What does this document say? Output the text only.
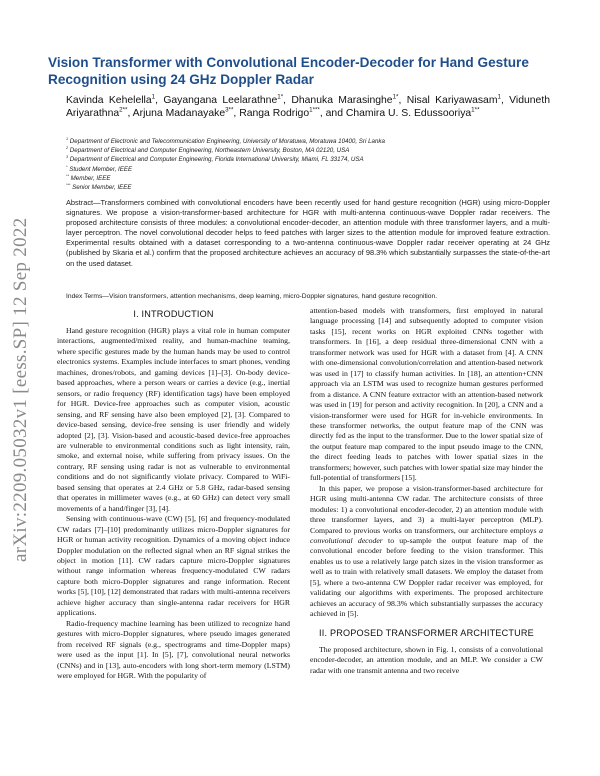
arXiv:2209.05032v1 [eess.SP] 12 Sep 2022
Vision Transformer with Convolutional Encoder-Decoder for Hand Gesture Recognition using 24 GHz Doppler Radar
Kavinda Kehelella$^1$, Gayangana Leelarathne$^{1*}$, Dhanuka Marasinghe$^{1*}$, Nisal Kariyawasam$^1$, Viduneth Ariyarathna$^{2**}$, Arjuna Madanayake$^{3**}$, Ranga Rodrigo$^{1***}$, and Chamira U. S. Edussooriya$^{1**}$
$^1$ Department of Electronic and Telecommunication Engineering, University of Moratuwa, Moratuwa 10400, Sri Lanka
$^2$ Department of Electrical and Computer Engineering, Northeastern University, Boston, MA 02120, USA
$^3$ Department of Electrical and Computer Engineering, Florida International University, Miami, FL 33174, USA
* Student Member, IEEE
** Member, IEEE
*** Senior Member, IEEE
Abstract—Transformers combined with convolutional encoders have been recently used for hand gesture recognition (HGR) using micro-Doppler signatures. We propose a vision-transformer-based architecture for HGR with multi-antenna continuous-wave Doppler radar receivers. The proposed architecture consists of three modules: a convolutional encoder-decoder, an attention module with three transformer layers, and a multi-layer perceptron. The novel convolutional decoder helps to feed patches with larger sizes to the attention module for improved feature extraction. Experimental results obtained with a dataset corresponding to a two-antenna continuous-wave Doppler radar receiver operating at 24 GHz (published by Skaria et al.) confirm that the proposed architecture achieves an accuracy of 98.3% which substantially surpasses the state-of-the-art on the used dataset.
Index Terms—Vision transformers, attention mechanisms, deep learning, micro-Doppler signatures, hand gesture recognition.
I. INTRODUCTION

Hand gesture recognition (HGR) plays a vital role in human computer interactions, augmented/mixed reality, and human-machine teaming, where specific gestures made by the human hands may be used to control electronics systems. Examples include interfaces to smart phones, vending machines, drones/robots, and gaming devices [1]–[3]. On-body device-based approaches, where a person wears or carries a device (e.g., inertial sensors, or radio frequency (RF) identification tags) have been employed for HGR. Device-free approaches such as computer vision, acoustic sensing, and RF sensing have also been employed [2], [3]. Compared to device-based sensing, device-free sensing is user friendly and widely adopted [2], [3]. Vision-based and acoustic-based device-free approaches are vulnerable to environmental conditions such as light intensity, rain, smoke, and external noise, while suffering from privacy issues. On the contrary, RF sensing using radar is not as vulnerable to environmental conditions and do not significantly violate privacy. Compared to WiFi-based sensing that operates at 2.4 GHz or 5.8 GHz, radar-based sensing that operates in millimeter waves (e.g., at 60 GHz) can detect very small movements of a hand/finger [3], [4].

Sensing with continuous-wave (CW) [5], [6] and frequency-modulated CW radars [7]–[10] predominantly utilizes micro-Doppler signatures for HGR or human activity recognition. Dynamics of a moving object induce Doppler modulation on the reflected signal when an RF signal strikes the object in motion [11]. CW radars capture micro-Doppler signatures without range information whereas frequency-modulated CW radars capture both micro-Doppler signatures and range information. Recent works [5], [10], [12] demonstrated that radars with multi-antenna receivers achieve higher accuracy than single-antenna radar receivers for HGR applications.

Radio-frequency machine learning has been utilized to recognize hand gestures with micro-Doppler signatures, where pseudo images generated from received RF signals (e.g., spectrograms and time-Doppler maps) were used as the input [1]. In [5], [7], convolutional neural networks (CNNs) and in [13], auto-encoders with long short-term memory (LSTM) were employed for HGR. With the popularity of

attention-based models with transformers, first employed in natural language processing [14] and subsequently adopted to computer vision tasks [15], recent works on HGR exploited CNNs together with transformers. In [16], a deep residual three-dimensional CNN with a transformer network was used for HGR with a dataset from [4]. A CNN with one-dimensional convolution/correlation and attention-based network was used in [17] to classify human activities. In [18], an attention+CNN approach via an LSTM was used to recognize human gestures performed from a distance. A CNN feature extractor with an attention-based network was used in [19] for person and activity recognition. In [20], a CNN and a vision-transformer were used for HGR for in-vehicle environments. In these transformer networks, the output feature map of the CNN was directly fed as the input to the transformer. Due to the lower spatial size of the output feature map compared to the input pseudo image to the CNN, the direct feeding leads to patches with lower spatial sizes in the transformers; however, such patches with lower spatial size may hinder the full-potential of transformers [15].

In this paper, we propose a vision-transformer-based architecture for HGR using multi-antenna CW radar. The architecture consists of three modules: 1) a convolutional encoder-decoder, 2) an attention module with three transformer layers, and 3) a multi-layer perceptron (MLP). Compared to previous works on transformers, our architecture employs a convolutional decoder to up-sample the output feature map of the convolutional encoder before feeding to the vision transformer. This enables us to use a relatively large patch sizes in the vision transformer as well as to train with relatively small datasets. We employ the dataset from [5], where a two-antenna CW Doppler radar receiver was employed, for validating our algorithms with experiments. The proposed architecture achieves an accuracy of 98.3% which substantially surpasses the accuracy achieved in [5].

II. PROPOSED TRANSFORMER ARCHITECTURE

The proposed architecture, shown in Fig. 1, consists of a convolutional encoder-decoder, an attention module, and an MLP. We consider a CW radar with one transmit antenna and two receive
